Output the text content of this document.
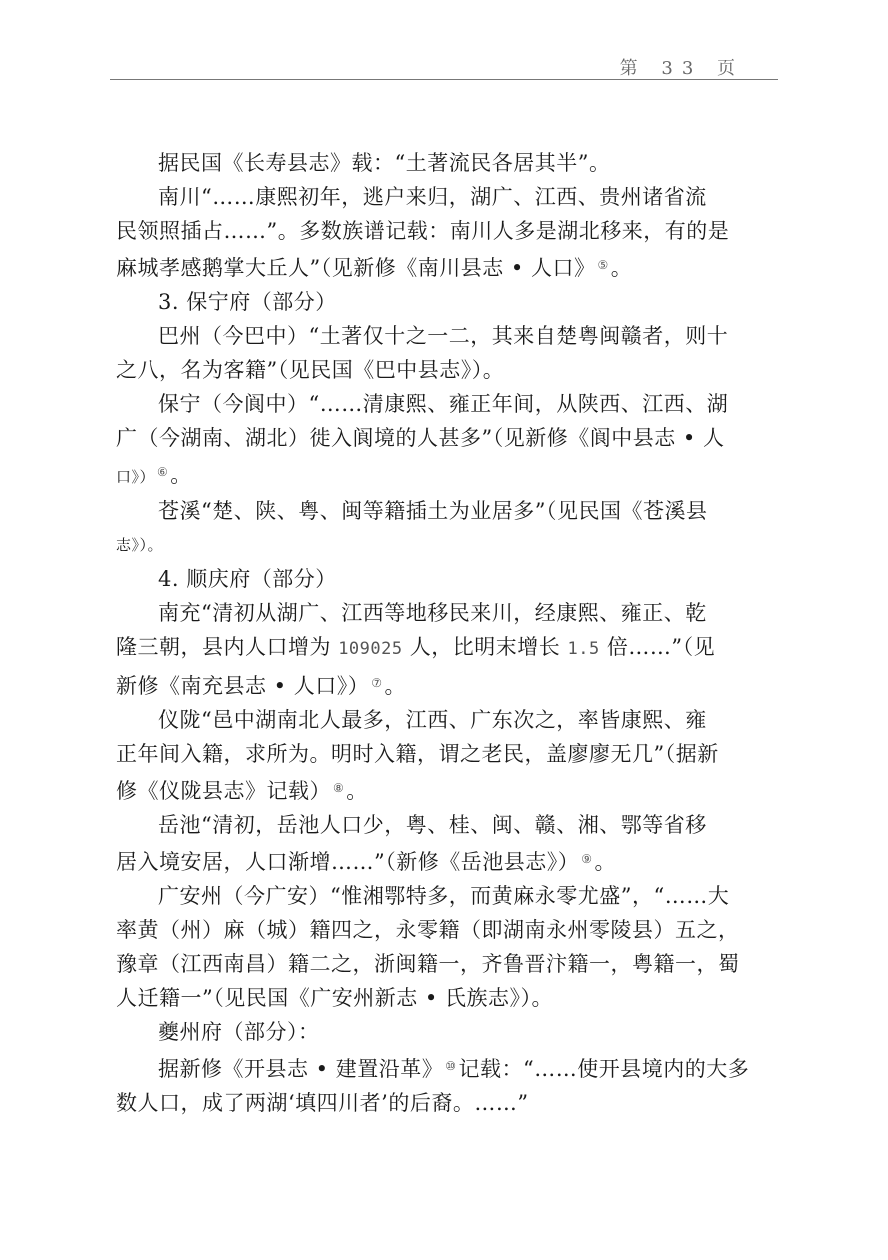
第 33 页

据民国《长寿县志》载：“土著流民各居其半”。

南川“……康熙初年，逃户来归，湖广、江西、贵州诸省流
民领照插占……”。多数族谱记载：南川人多是湖北移来，有的是
麻城孝感鹅掌大丘人”（见新修《南川县志 • 人口》 ⑤。

3. 保宁府（部分）

巴州（今巴中）“土著仅十之一二，其来自楚粤闽赣者，则十
之八，名为客籍”（见民国《巴中县志》）。

保宁（今阆中）“……清康熙、雍正年间，从陕西、江西、湖
广（今湖南、湖北）徙入阆境的人甚多”（见新修《阆中县志 • 人
口》） ⑥。

苍溪“楚、陕、粤、闽等籍插土为业居多”（见民国《苍溪县
志》）。

4. 顺庆府（部分）

南充“清初从湖广、江西等地移民来川，经康熙、雍正、乾
隆三朝，县内人口增为 109025 人，比明末增长 1.5 倍……”（见
新修《南充县志 • 人口》） ⑦。

仪陇“邑中湖南北人最多，江西、广东次之，率皆康熙、雍
正年间入籍，求所为。明时入籍，谓之老民，盖廖廖无几”（据新
修《仪陇县志》记载） ⑧。

岳池“清初，岳池人口少，粤、桂、闽、赣、湘、鄂等省移
居入境安居，人口渐增……”（新修《岳池县志》） ⑨。

广安州（今广安）“惟湘鄂特多，而黄麻永零尤盛”，“……大
率黄（州）麻（城）籍四之，永零籍（即湖南永州零陵县）五之，
豫章（江西南昌）籍二之，浙闽籍一，齐鲁晋汴籍一，粤籍一，蜀
人迁籍一”（见民国《广安州新志 • 氏族志》）。

夔州府（部分）：

据新修《开县志 • 建置沿革》 ⑩记载：“……使开县境内的大多
数人口，成了两湖‘填四川者’的后裔。……”
